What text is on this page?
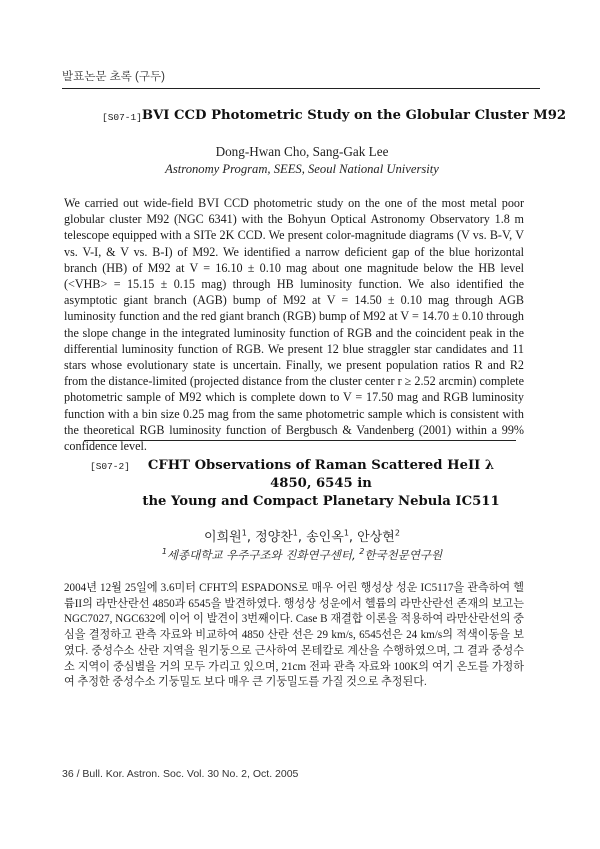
발표논문 초록 (구두)
[S07-1] BVI CCD Photometric Study on the Globular Cluster M92
Dong-Hwan Cho, Sang-Gak Lee
Astronomy Program, SEES, Seoul National University

We carried out wide-field BVI CCD photometric study on the one of the most metal poor globular cluster M92 (NGC 6341) with the Bohyun Optical Astronomy Observatory 1.8 m telescope equipped with a SITe 2K CCD. We present color-magnitude diagrams (V vs. B-V, V vs. V-I, & V vs. B-I) of M92. We identified a narrow deficient gap of the blue horizontal branch (HB) of M92 at V = 16.10 ± 0.10 mag about one magnitude below the HB level (<VHB> = 15.15 ± 0.15 mag) through HB luminosity function. We also identified the asymptotic giant branch (AGB) bump of M92 at V = 14.50 ± 0.10 mag through AGB luminosity function and the red giant branch (RGB) bump of M92 at V = 14.70 ± 0.10 through the slope change in the integrated luminosity function of RGB and the coincident peak in the differential luminosity function of RGB. We present 12 blue straggler star candidates and 11 stars whose evolutionary state is uncertain. Finally, we present population ratios R and R2 from the distance-limited (projected distance from the cluster center r ≥ 2.52 arcmin) complete photometric sample of M92 which is complete down to V = 17.50 mag and RGB luminosity function with a bin size 0.25 mag from the same photometric sample which is consistent with the theoretical RGB luminosity function of Bergbusch & Vandenberg (2001) within a 99% confidence level.

[S07-2]	CFHT Observations of Raman Scattered HeII λ 4850, 6545 in
the Young and Compact Planetary Nebula IC511
이희원$^1$, 정양찬$^1$, 송인옥$^1$, 안상현$^2$
$^1$세종대학교 우주구조와 진화연구센터, $^2$한국천문연구원

2004년 12월 25일에 3.6미터 CFHT의 ESPADONS로 매우 어린 행성상 성운 IC5117을 관측하여 헬륨II의 라만산란선 4850과 6545을 발견하였다. 행성상 성운에서 헬륨의 라만산란선 존재의 보고는 NGC7027, NGC632에 이어 이 발견이 3번째이다. Case B 재결합 이론을 적용하여 라만산란선의 중심을 결정하고 관측 자료와 비교하여 4850 산란 선은 29 km/s, 6545선은 24 km/s의 적색이동을 보였다. 중성수소 산란 지역을 원기둥으로 근사하여 몬테칼로 계산을 수행하였으며, 그 결과 중성수소 지역이 중심별을 거의 모두 가리고 있으며, 21cm 전파 관측 자료와 100K의 여기 온도를 가정하여 추정한 중성수소 기둥밀도 보다 매우 큰 기둥밀도를 가질 것으로 추정된다.

36 / Bull. Kor. Astron. Soc. Vol. 30 No. 2, Oct. 2005
